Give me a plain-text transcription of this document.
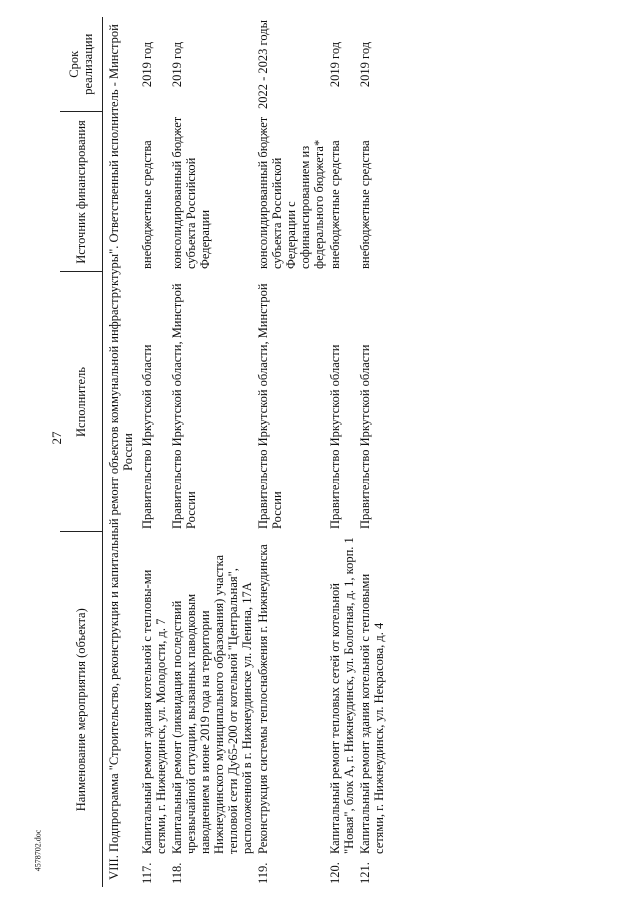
27
4578702.doc
Наименование мероприятия (объекта)	Исполнитель	Источник финансирования	Срок реализации
VIII. Подпрограмма "Строительство, реконструкция и капитальный ремонт объектов коммунальной инфраструктуры". Ответственный исполнитель - Минстрой России			
117.Капитальный ремонт здания котельной с тепловы-ми сетями, г. Нижнеудинск, ул. Молодости, д. 7	Правительство Иркутской области	внебюджетные средства	2019 год
118.Капитальный ремонт (ликвидация последствий чрезвычайной ситуации, вызванных паводковым наводнением в июне 2019 года на территории Нижнеудинского муниципального образования) участка тепловой сети Ду65-200 от котельной "Центральная", расположенной в г. Нижнеудинске ул. Ленина, 17А	Правительство Иркутской области, Минстрой России	консолидированный бюджет субъекта Российской Федерации	2019 год
119.Реконструкция системы теплоснабжения г. Нижнеудинска	Правительство Иркутской области, Минстрой России	консолидированный бюджет субъекта Российской Федерации с софинансированием из федерального бюджета*	2022 - 2023 годы
120.Капитальный ремонт тепловых сетей от котельной "Новая", блок А, г. Нижнеудинск, ул. Болотная, д. 1, корп. 1	Правительство Иркутской области	внебюджетные средства	2019 год
121.Капитальный ремонт здания котельной с тепловыми сетями, г. Нижнеудинск, ул. Некрасова, д. 4	Правительство Иркутской области	внебюджетные средства	2019 год
